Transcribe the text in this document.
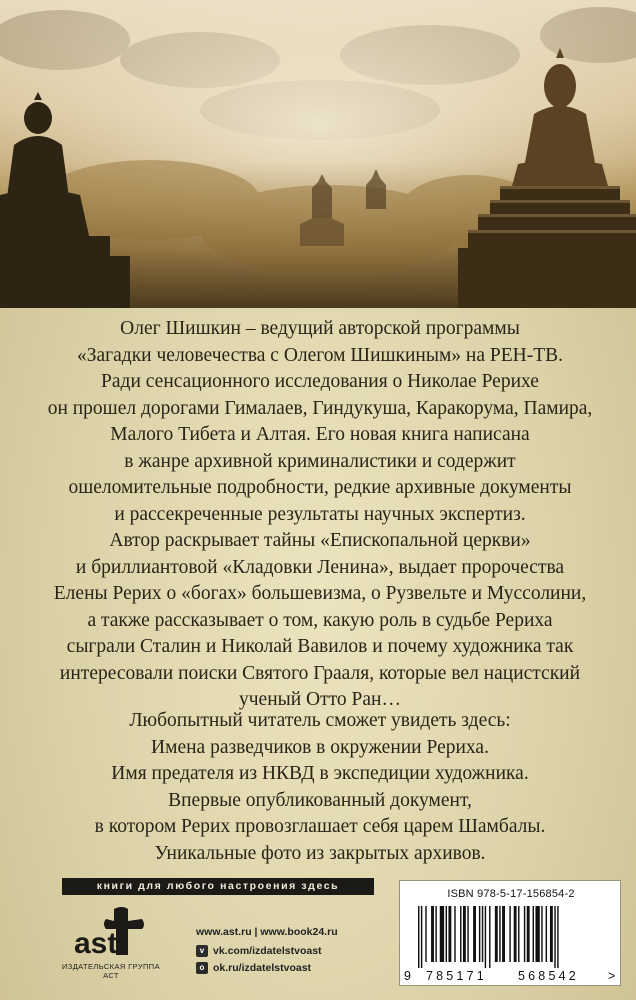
Олег Шишкин – ведущий авторской программы

«Загадки человечества с Олегом Шишкиным» на РЕН-ТВ.

Ради сенсационного исследования о Николае Рерихе

он прошел дорогами Гималаев, Гиндукуша, Каракорума, Памира,

Малого Тибета и Алтая. Его новая книга написана

в жанре архивной криминалистики и содержит

ошеломительные подробности, редкие архивные документы

и рассекреченные результаты научных экспертиз.

Автор раскрывает тайны «Епископальной церкви»

и бриллиантовой «Кладовки Ленина», выдает пророчества

Елены Рерих о «богах» большевизма, о Рузвельте и Муссолини,

а также рассказывает о том, какую роль в судьбе Рериха

сыграли Сталин и Николай Вавилов и почему художника так

интересовали поиски Святого Грааля, которые вел нацистский

ученый Отто Ран…

Любопытный читатель сможет увидеть здесь:

Имена разведчиков в окружении Рериха.

Имя предателя из НКВД в экспедиции художника.

Впервые опубликованный документ,

в котором Рерих провозглашает себя царем Шамбалы.

Уникальные фото из закрытых архивов.

книги для любого настроения здесь
ast
ИЗДАТЕЛЬСКАЯ ГРУППА АСТ
www.ast.ru | www.book24.ru
v vk.com/izdatelstvoast
o ok.ru/izdatelstvoast
ISBN 978-5-17-156854-2
9 785171 568542 >
